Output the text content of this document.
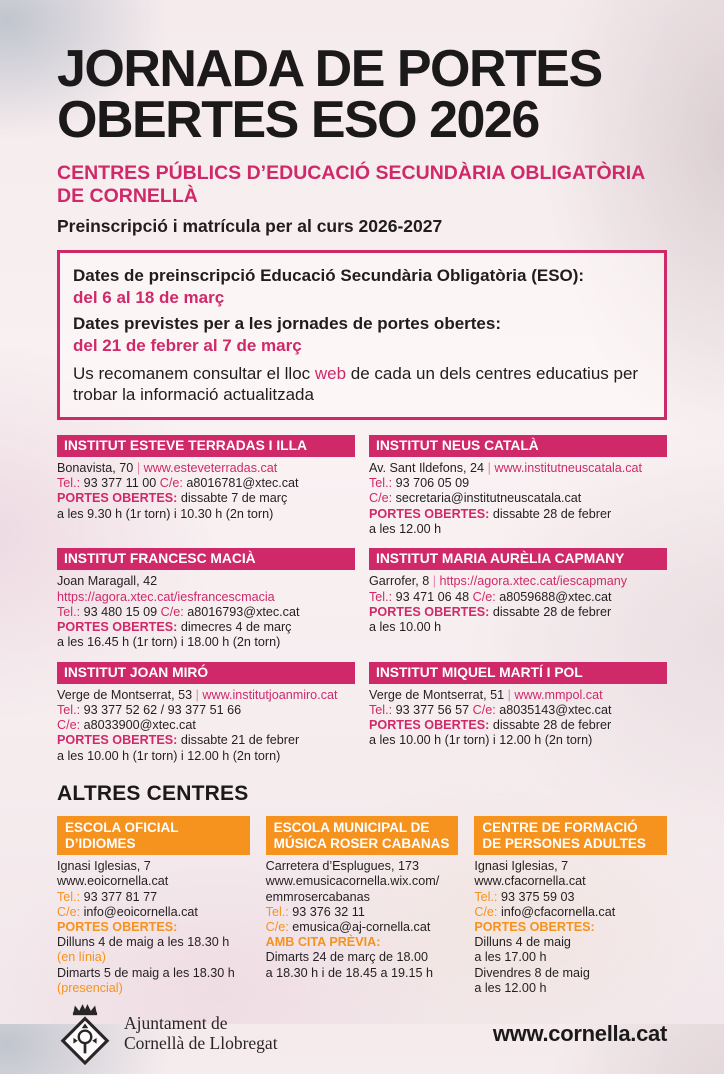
JORNADA DE PORTES
OBERTES ESO 2026
CENTRES PÚBLICS D’EDUCACIÓ SECUNDÀRIA OBLIGATÒRIA
DE CORNELLÀ

Preinscripció i matrícula per al curs 2026-2027

Dates de preinscripció Educació Secundària Obligatòria (ESO):

del 6 al 18 de març

Dates previstes per a les jornades de portes obertes:

del 21 de febrer al 7 de març

Us recomanem consultar el lloc web de cada un dels centres educatius per trobar la informació actualitzada

INSTITUT ESTEVE TERRADAS I ILLA
Bonavista, 70 | www.esteveterradas.cat
Tel.: 93 377 11 00 C/e: a8016781@xtec.cat
PORTES OBERTES: dissabte 7 de març
a les 9.30 h (1r torn) i 10.30 h (2n torn)
INSTITUT NEUS CATALÀ
Av. Sant Ildefons, 24 | www.institutneuscatala.cat
Tel.: 93 706 05 09
C/e: secretaria@institutneuscatala.cat
PORTES OBERTES: dissabte 28 de febrer
a les 12.00 h
INSTITUT FRANCESC MACIÀ
Joan Maragall, 42
https://agora.xtec.cat/iesfrancescmacia
Tel.: 93 480 15 09 C/e: a8016793@xtec.cat
PORTES OBERTES: dimecres 4 de març
a les 16.45 h (1r torn) i 18.00 h (2n torn)
INSTITUT MARIA AURÈLIA CAPMANY
Garrofer, 8 | https://agora.xtec.cat/iescapmany
Tel.: 93 471 06 48 C/e: a8059688@xtec.cat
PORTES OBERTES: dissabte 28 de febrer
a les 10.00 h
INSTITUT JOAN MIRÓ
Verge de Montserrat, 53 | www.institutjoanmiro.cat
Tel.: 93 377 52 62 / 93 377 51 66
C/e: a8033900@xtec.cat
PORTES OBERTES: dissabte 21 de febrer
a les 10.00 h (1r torn) i 12.00 h (2n torn)
INSTITUT MIQUEL MARTÍ I POL
Verge de Montserrat, 51 | www.mmpol.cat
Tel.: 93 377 56 57 C/e: a8035143@xtec.cat
PORTES OBERTES: dissabte 28 de febrer
a les 10.00 h (1r torn) i 12.00 h (2n torn)
ALTRES CENTRES
ESCOLA OFICIAL D’IDIOMES
Ignasi Iglesias, 7
www.eoicornella.cat
Tel.: 93 377 81 77
C/e: info@eoicornella.cat
PORTES OBERTES:
Dilluns 4 de maig a les 18.30 h
(en línia)
Dimarts 5 de maig a les 18.30 h
(presencial)
ESCOLA MUNICIPAL DE MÚSICA ROSER CABANAS
Carretera d’Esplugues, 173
www.emusicacornella.wix.com/
emmrosercabanas
Tel.: 93 376 32 11
C/e: emusica@aj-cornella.cat
AMB CITA PRÈVIA:
Dimarts 24 de març de 18.00
a 18.30 h i de 18.45 a 19.15 h
CENTRE DE FORMACIÓ DE PERSONES ADULTES
Ignasi Iglesias, 7
www.cfacornella.cat
Tel.: 93 375 59 03
C/e: info@cfacornella.cat
PORTES OBERTES:
Dilluns 4 de maig
a les 17.00 h
Divendres 8 de maig
a les 12.00 h
Ajuntament de
Cornellà de Llobregat	www.cornella.cat
